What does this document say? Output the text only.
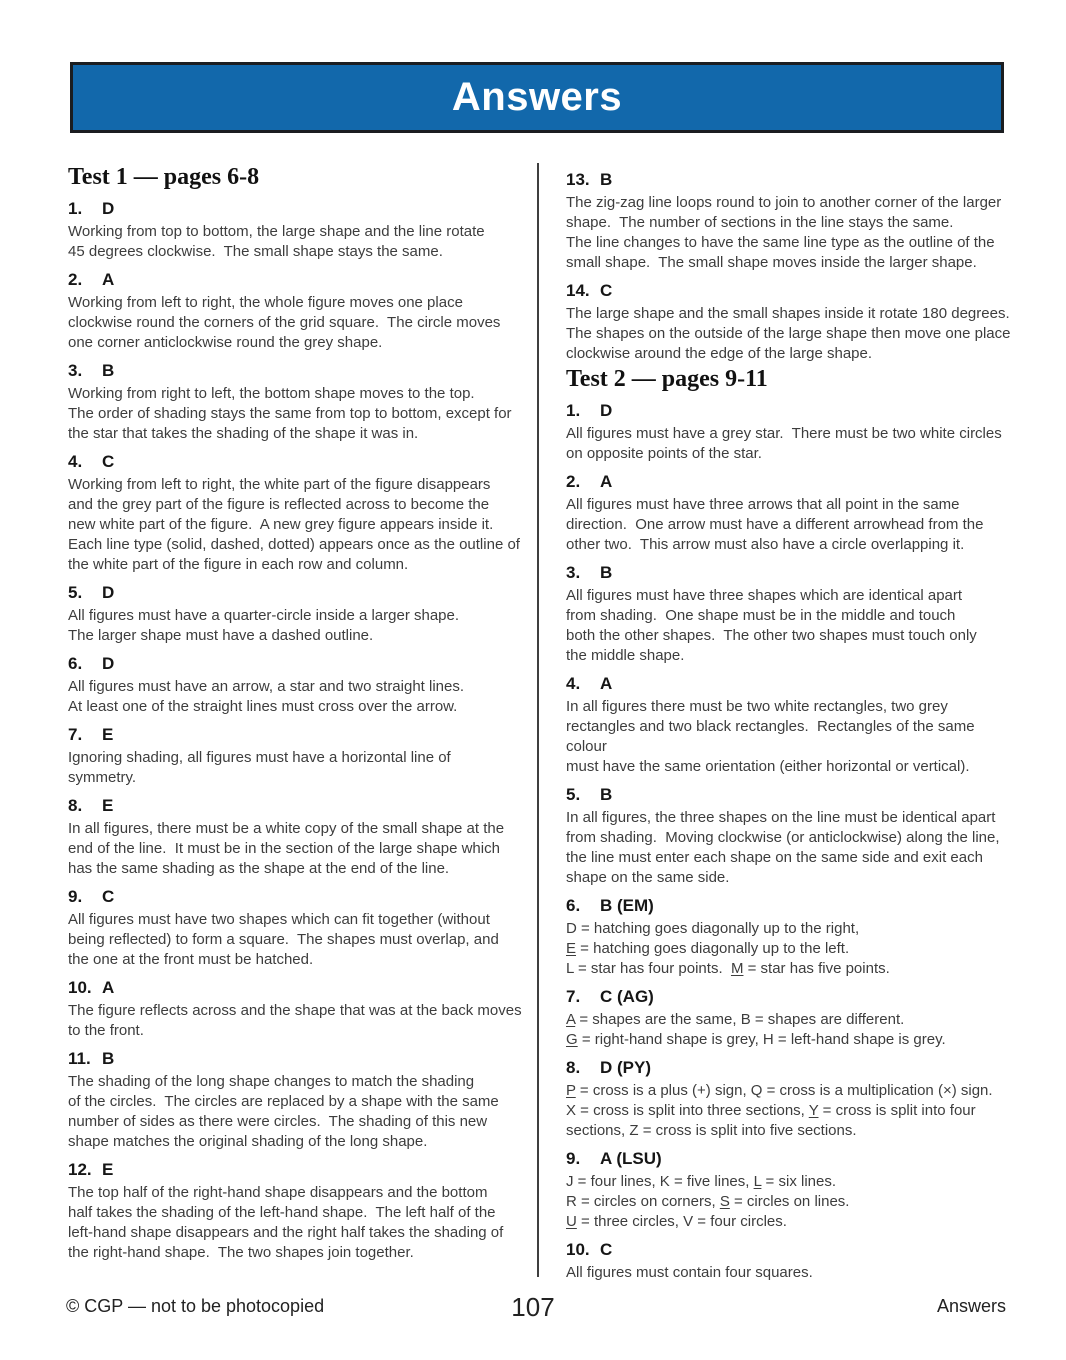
Answers
Test 1 — pages 6-8
1. D
Working from top to bottom, the large shape and the line rotate
45 degrees clockwise.  The small shape stays the same.
2. A
Working from left to right, the whole figure moves one place
clockwise round the corners of the grid square.  The circle moves
one corner anticlockwise round the grey shape.
3. B
Working from right to left, the bottom shape moves to the top.
The order of shading stays the same from top to bottom, except for
the star that takes the shading of the shape it was in.
4. C
Working from left to right, the white part of the figure disappears
and the grey part of the figure is reflected across to become the
new white part of the figure.  A new grey figure appears inside it.
Each line type (solid, dashed, dotted) appears once as the outline of
the white part of the figure in each row and column.
5. D
All figures must have a quarter-circle inside a larger shape.
The larger shape must have a dashed outline.
6. D
All figures must have an arrow, a star and two straight lines.
At least one of the straight lines must cross over the arrow.
7. E
Ignoring shading, all figures must have a horizontal line of
symmetry.
8. E
In all figures, there must be a white copy of the small shape at the
end of the line.  It must be in the section of the large shape which
has the same shading as the shape at the end of the line.
9. C
All figures must have two shapes which can fit together (without
being reflected) to form a square.  The shapes must overlap, and
the one at the front must be hatched.
10. A
The figure reflects across and the shape that was at the back moves
to the front.
11. B
The shading of the long shape changes to match the shading
of the circles.  The circles are replaced by a shape with the same
number of sides as there were circles.  The shading of this new
shape matches the original shading of the long shape.
12. E
The top half of the right-hand shape disappears and the bottom
half takes the shading of the left-hand shape.  The left half of the
left-hand shape disappears and the right half takes the shading of
the right-hand shape.  The two shapes join together.
13. B
The zig-zag line loops round to join to another corner of the larger
shape.  The number of sections in the line stays the same.
The line changes to have the same line type as the outline of the
small shape.  The small shape moves inside the larger shape.
14. C
The large shape and the small shapes inside it rotate 180 degrees.
The shapes on the outside of the large shape then move one place
clockwise around the edge of the large shape.
Test 2 — pages 9-11
1. D
All figures must have a grey star.  There must be two white circles
on opposite points of the star.
2. A
All figures must have three arrows that all point in the same
direction.  One arrow must have a different arrowhead from the
other two.  This arrow must also have a circle overlapping it.
3. B
All figures must have three shapes which are identical apart
from shading.  One shape must be in the middle and touch
both the other shapes.  The other two shapes must touch only
the middle shape.
4. A
In all figures there must be two white rectangles, two grey
rectangles and two black rectangles.  Rectangles of the same colour
must have the same orientation (either horizontal or vertical).
5. B
In all figures, the three shapes on the line must be identical apart
from shading.  Moving clockwise (or anticlockwise) along the line,
the line must enter each shape on the same side and exit each
shape on the same side.
6. B (EM)
D = hatching goes diagonally up to the right,
E = hatching goes diagonally up to the left.
L = star has four points.  M = star has five points.
7. C (AG)
A = shapes are the same, B = shapes are different.
G = right-hand shape is grey, H = left-hand shape is grey.
8. D (PY)
P = cross is a plus (+) sign, Q = cross is a multiplication (×) sign.
X = cross is split into three sections, Y = cross is split into four
sections, Z = cross is split into five sections.
9. A (LSU)
J = four lines, K = five lines, L = six lines.
R = circles on corners, S = circles on lines.
U = three circles, V = four circles.
10. C
All figures must contain four squares.
© CGP — not to be photocopied	107	Answers
